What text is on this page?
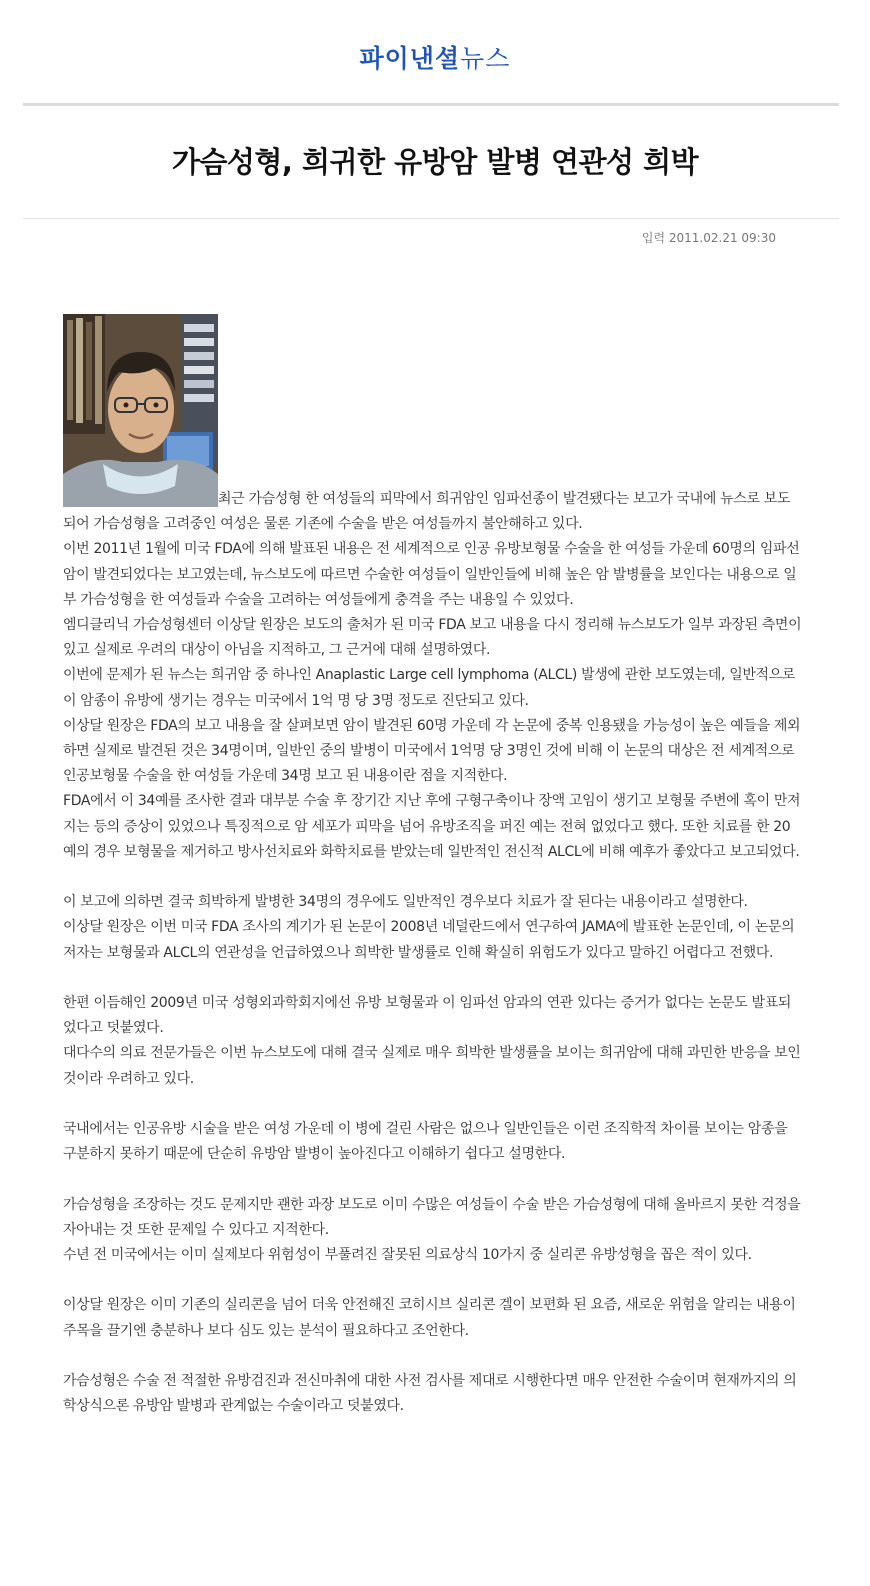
파이낸셜뉴스
가슴성형, 희귀한 유방암 발병 연관성 희박
입력 2011.02.21 09:30

최근 가슴성형 한 여성들의 피막에서 희귀암인 임파선종이 발견됐다는 보고가 국내에 뉴스로 보도되어 가슴성형을 고려중인 여성은 물론 기존에 수술을 받은 여성들까지 불안해하고 있다.

이번 2011년 1월에 미국 FDA에 의해 발표된 내용은 전 세계적으로 인공 유방보형물 수술을 한 여성들 가운데 60명의 임파선 암이 발견되었다는 보고였는데, 뉴스보도에 따르면 수술한 여성들이 일반인들에 비해 높은 암 발병률을 보인다는 내용으로 일부 가슴성형을 한 여성들과 수술을 고려하는 여성들에게 충격을 주는 내용일 수 있었다.

엠디클리닉 가슴성형센터 이상달 원장은 보도의 출처가 된 미국 FDA 보고 내용을 다시 정리해 뉴스보도가 일부 과장된 측면이 있고 실제로 우려의 대상이 아님을 지적하고, 그 근거에 대해 설명하였다.

이번에 문제가 된 뉴스는 희귀암 중 하나인 Anaplastic Large cell lymphoma (ALCL) 발생에 관한 보도였는데, 일반적으로 이 암종이 유방에 생기는 경우는 미국에서 1억 명 당 3명 정도로 진단되고 있다.

이상달 원장은 FDA의 보고 내용을 잘 살펴보면 암이 발견된 60명 가운데 각 논문에 중복 인용됐을 가능성이 높은 예들을 제외하면 실제로 발견된 것은 34명이며, 일반인 중의 발병이 미국에서 1억명 당 3명인 것에 비해 이 논문의 대상은 전 세계적으로 인공보형물 수술을 한 여성들 가운데 34명 보고 된 내용이란 점을 지적한다.

FDA에서 이 34예를 조사한 결과 대부분 수술 후 장기간 지난 후에 구형구축이나 장액 고임이 생기고 보형물 주변에 혹이 만져지는 등의 증상이 있었으나 특징적으로 암 세포가 피막을 넘어 유방조직을 퍼진 예는 전혀 없었다고 했다. 또한 치료를 한 20예의 경우 보형물을 제거하고 방사선치료와 화학치료를 받았는데 일반적인 전신적 ALCL에 비해 예후가 좋았다고 보고되었다.

이 보고에 의하면 결국 희박하게 발병한 34명의 경우에도 일반적인 경우보다 치료가 잘 된다는 내용이라고 설명한다.

이상달 원장은 이번 미국 FDA 조사의 계기가 된 논문이 2008년 네덜란드에서 연구하여 JAMA에 발표한 논문인데, 이 논문의 저자는 보형물과 ALCL의 연관성을 언급하였으나 희박한 발생률로 인해 확실히 위험도가 있다고 말하긴 어렵다고 전했다.

한편 이듬해인 2009년 미국 성형외과학회지에선 유방 보형물과 이 임파선 암과의 연관 있다는 증거가 없다는 논문도 발표되었다고 덧붙였다.

대다수의 의료 전문가들은 이번 뉴스보도에 대해 결국 실제로 매우 희박한 발생률을 보이는 희귀암에 대해 과민한 반응을 보인 것이라 우려하고 있다.

국내에서는 인공유방 시술을 받은 여성 가운데 이 병에 걸린 사람은 없으나 일반인들은 이런 조직학적 차이를 보이는 암종을 구분하지 못하기 때문에 단순히 유방암 발병이 높아진다고 이해하기 쉽다고 설명한다.

가슴성형을 조장하는 것도 문제지만 괜한 과장 보도로 이미 수많은 여성들이 수술 받은 가슴성형에 대해 올바르지 못한 걱정을 자아내는 것 또한 문제일 수 있다고 지적한다.

수년 전 미국에서는 이미 실제보다 위험성이 부풀려진 잘못된 의료상식 10가지 중 실리콘 유방성형을 꼽은 적이 있다.

이상달 원장은 이미 기존의 실리콘을 넘어 더욱 안전해진 코히시브 실리콘 겔이 보편화 된 요즘, 새로운 위험을 알리는 내용이 주목을 끌기엔 충분하나 보다 심도 있는 분석이 필요하다고 조언한다.

가슴성형은 수술 전 적절한 유방검진과 전신마취에 대한 사전 검사를 제대로 시행한다면 매우 안전한 수술이며 현재까지의 의학상식으론 유방암 발병과 관계없는 수술이라고 덧붙였다.
